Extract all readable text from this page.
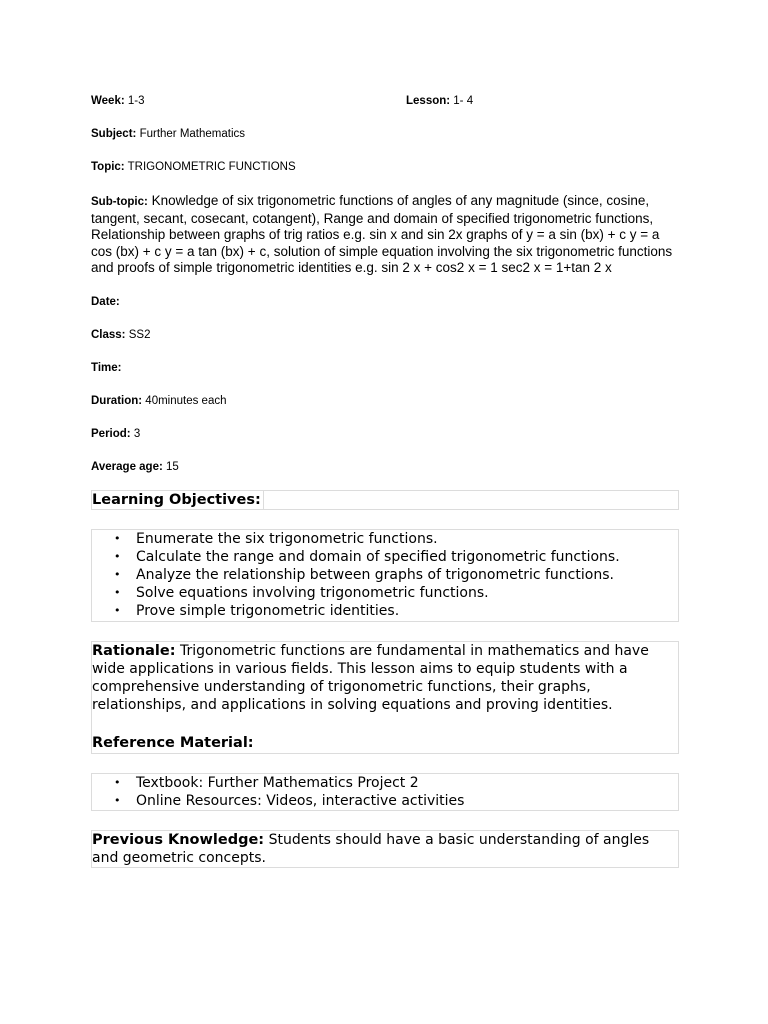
Week: 1-3	Lesson: 1- 4

Subject: Further Mathematics

Topic: TRIGONOMETRIC FUNCTIONS

Sub-topic: Knowledge of six trigonometric functions of angles of any magnitude (since, cosine, tangent, secant, cosecant, cotangent), Range and domain of specified trigonometric functions, Relationship between graphs of trig ratios e.g. sin x and sin 2x graphs of y = a sin (bx) + c y = a cos (bx) + c y = a tan (bx) + c, solution of simple equation involving the six trigonometric functions and proofs of simple trigonometric identities e.g. sin 2 x + cos2 x = 1 sec2 x = 1+tan 2 x

Date:

Class: SS2

Time:

Duration: 40minutes each

Period: 3

Average age: 15

Learning Objectives:
• Enumerate the six trigonometric functions.
• Calculate the range and domain of specified trigonometric functions.
• Analyze the relationship between graphs of trigonometric functions.
• Solve equations involving trigonometric functions.
• Prove simple trigonometric identities.
Rationale: Trigonometric functions are fundamental in mathematics and have wide applications in various fields. This lesson aims to equip students with a comprehensive understanding of trigonometric functions, their graphs, relationships, and applications in solving equations and proving identities.
Reference Material:
• Textbook: Further Mathematics Project 2
• Online Resources: Videos, interactive activities
Previous Knowledge: Students should have a basic understanding of angles and geometric concepts.
